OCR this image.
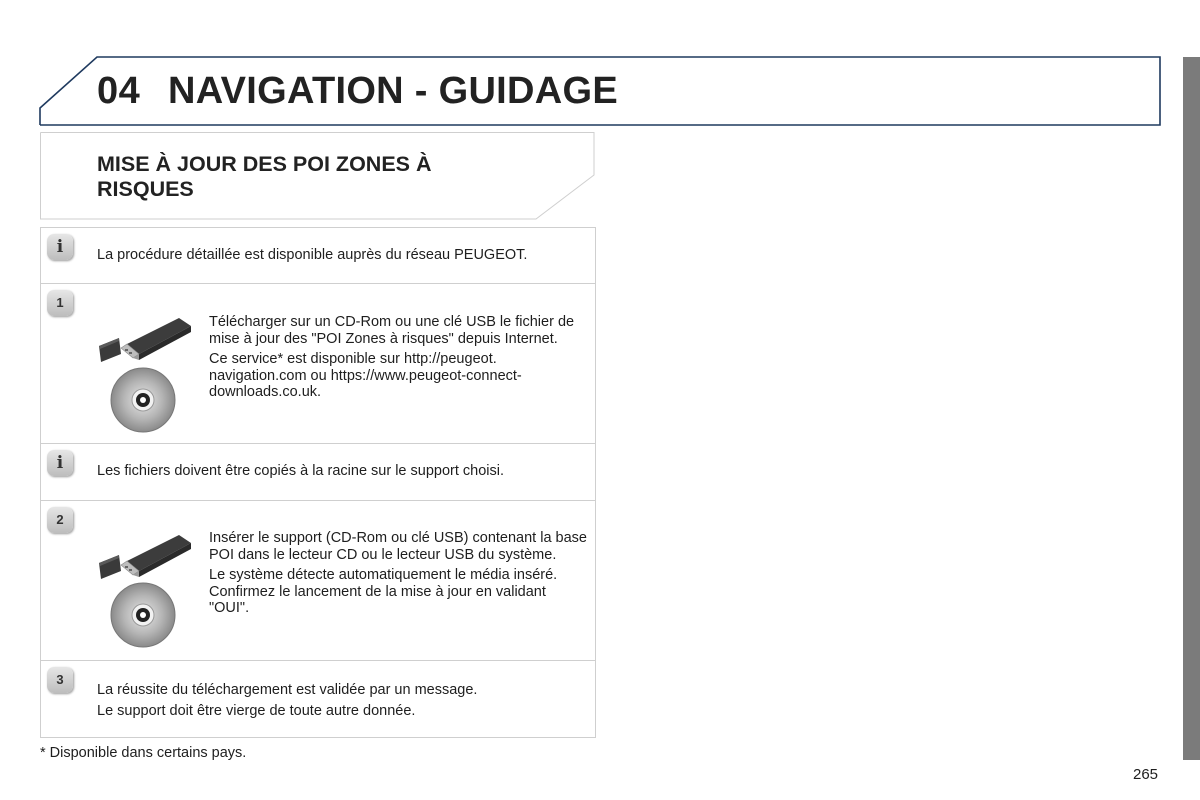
04 NAVIGATION - GUIDAGE
MISE À JOUR DES POI ZONES À RISQUES
i	La procédure détaillée est disponible auprès du réseau PEUGEOT.
1

Télécharger sur un CD-Rom ou une clé USB le fichier de mise à jour des "POI Zones à risques" depuis Internet.

Ce service* est disponible sur http://peugeot. navigation.com ou https://www.peugeot-connect-downloads.co.uk.

i	Les fichiers doivent être copiés à la racine sur le support choisi.
2

Insérer le support (CD-Rom ou clé USB) contenant la base POI dans le lecteur CD ou le lecteur USB du système.

Le système détecte automatiquement le média inséré. Confirmez le lancement de la mise à jour en validant "OUI".

3
La réussite du téléchargement est validée par un message.
Le support doit être vierge de toute autre donnée.
* Disponible dans certains pays.
265
